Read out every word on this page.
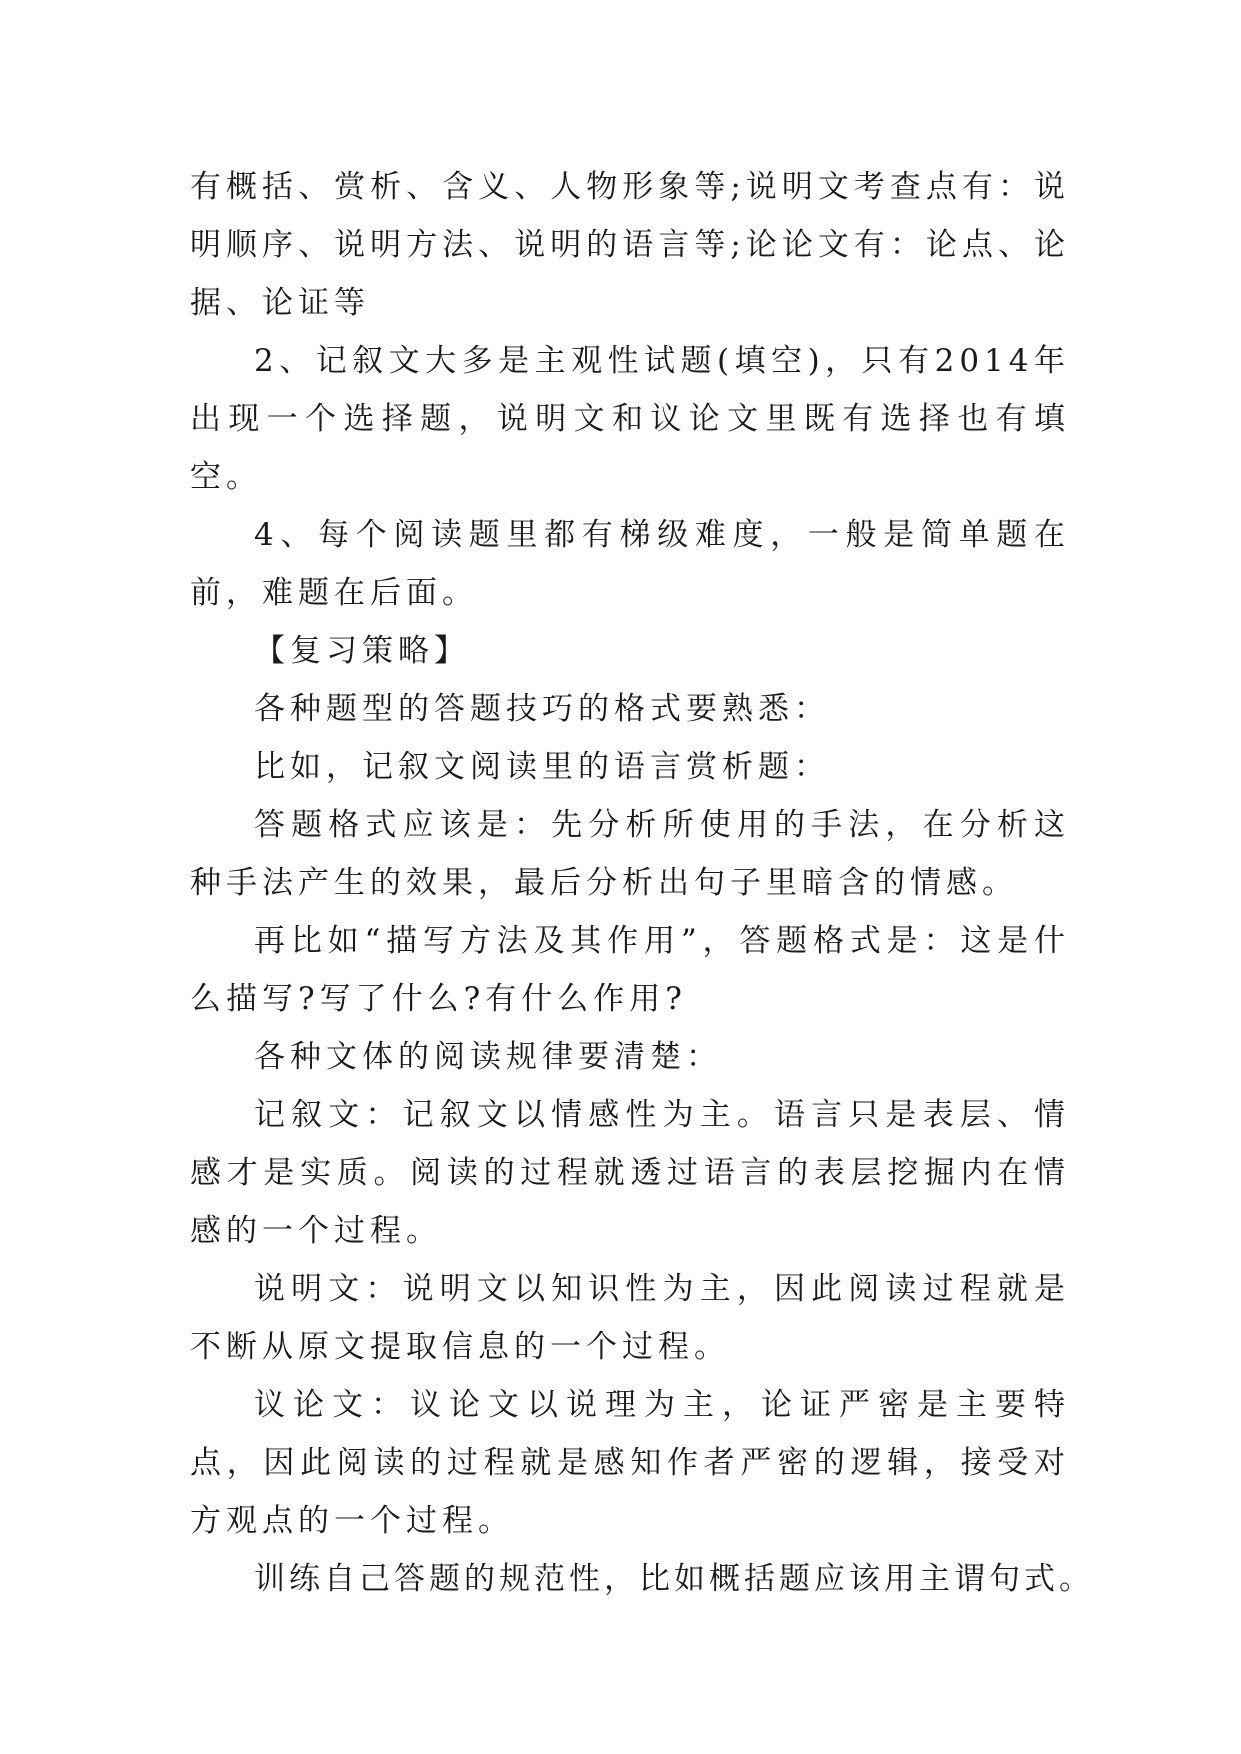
有概括、赏析、含义、人物形象等;说明文考查点有：说明顺序、说明方法、说明的语言等;论论文有：论点、论据、论证等

2、记叙文大多是主观性试题(填空)，只有2014年出现一个选择题，说明文和议论文里既有选择也有填空。

4、每个阅读题里都有梯级难度，一般是简单题在前，难题在后面。

【复习策略】

各种题型的答题技巧的格式要熟悉：

比如，记叙文阅读里的语言赏析题：

答题格式应该是：先分析所使用的手法，在分析这种手法产生的效果，最后分析出句子里暗含的情感。

再比如“描写方法及其作用”，答题格式是：这是什么描写?写了什么?有什么作用?

各种文体的阅读规律要清楚：

记叙文：记叙文以情感性为主。语言只是表层、情感才是实质。阅读的过程就透过语言的表层挖掘内在情感的一个过程。

说明文：说明文以知识性为主，因此阅读过程就是不断从原文提取信息的一个过程。

议论文：议论文以说理为主，论证严密是主要特点，因此阅读的过程就是感知作者严密的逻辑，接受对方观点的一个过程。

训练自己答题的规范性，比如概括题应该用主谓句式。
